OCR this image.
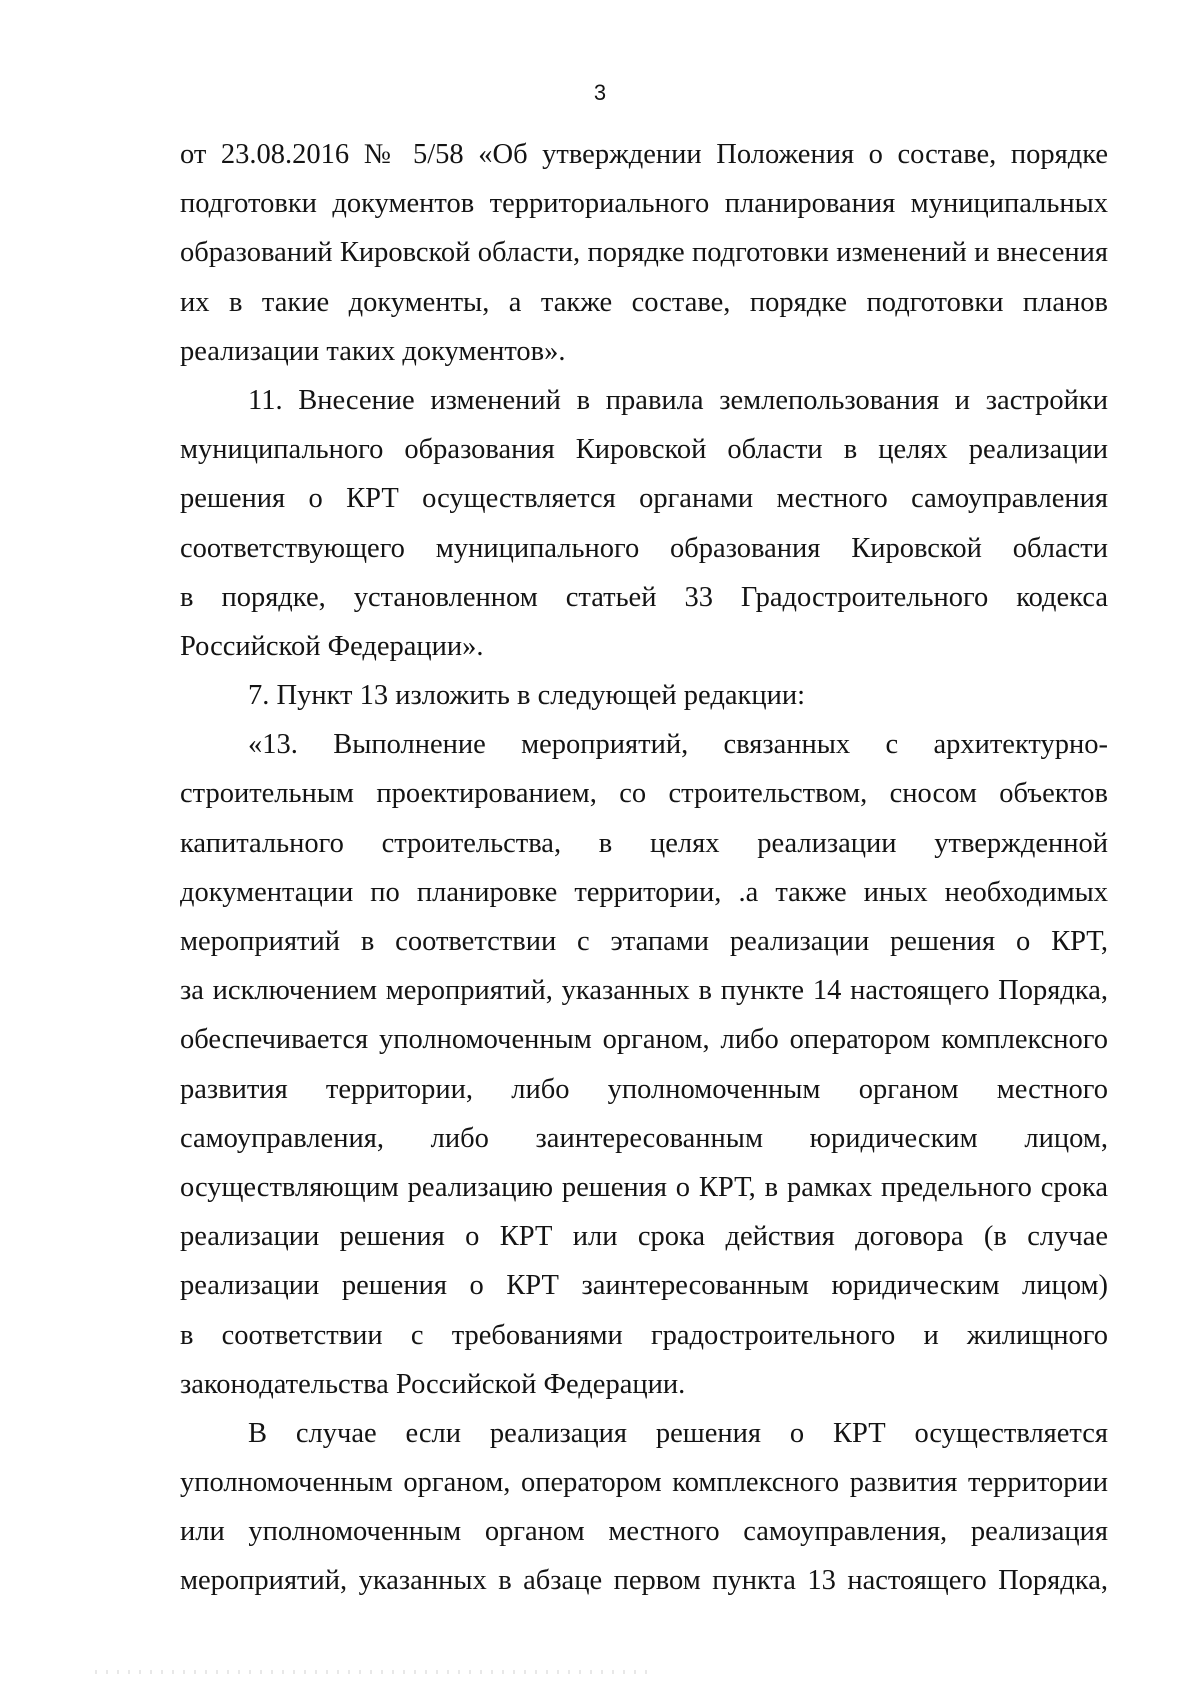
3
от 23.08.2016 № 5/58 «Об утверждении Положения о составе, порядке
подготовки документов территориального планирования муниципальных
образований Кировской области, порядке подготовки изменений и внесения
их в такие документы, а также составе, порядке подготовки планов
реализации таких документов».
11. Внесение изменений в правила землепользования и застройки
муниципального образования Кировской области в целях реализации
решения о КРТ осуществляется органами местного самоуправления
соответствующего муниципального образования Кировской области
в порядке, установленном статьей 33 Градостроительного кодекса
Российской Федерации».
7. Пункт 13 изложить в следующей редакции:
«13. Выполнение мероприятий, связанных с архитектурно-
строительным проектированием, со строительством, сносом объектов
капитального строительства, в целях реализации утвержденной
документации по планировке территории, .а также иных необходимых
мероприятий в соответствии с этапами реализации решения о КРТ,
за исключением мероприятий, указанных в пункте 14 настоящего Порядка,
обеспечивается уполномоченным органом, либо оператором комплексного
развития территории, либо уполномоченным органом местного
самоуправления, либо заинтересованным юридическим лицом,
осуществляющим реализацию решения о КРТ, в рамках предельного срока
реализации решения о КРТ или срока действия договора (в случае
реализации решения о КРТ заинтересованным юридическим лицом)
в соответствии с требованиями градостроительного и жилищного
законодательства Российской Федерации.
В случае если реализация решения о КРТ осуществляется
уполномоченным органом, оператором комплексного развития территории
или уполномоченным органом местного самоуправления, реализация
мероприятий, указанных в абзаце первом пункта 13 настоящего Порядка,
